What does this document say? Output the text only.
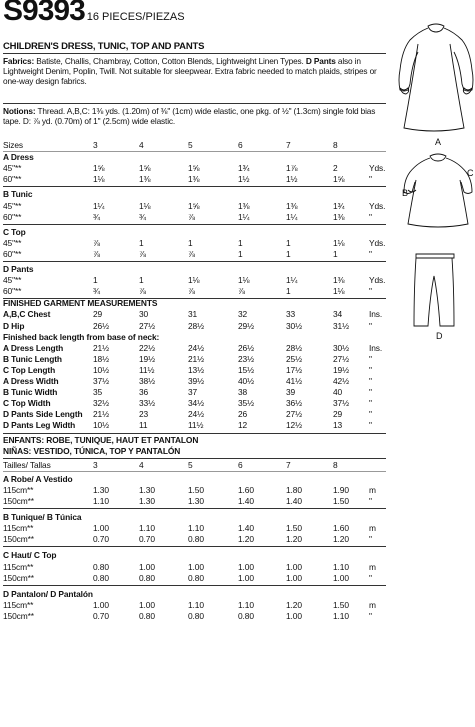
S9393 16 PIECES/PIEZAS
CHILDREN'S DRESS, TUNIC, TOP AND PANTS
Fabrics: Batiste, Challis, Chambray, Cotton, Cotton Blends, Lightweight Linen Types. D Pants also in Lightweight Denim, Poplin, Twill. Not suitable for sleepwear. Extra fabric needed to match plaids, stripes or one-way design fabrics.
Notions: Thread. A,B,C: 1⅜ yds. (1.20m) of ⅜" (1cm) wide elastic, one pkg. of ½" (1.3cm) single fold bias tape. D: ⅞ yd. (0.70m) of 1" (2.5cm) wide elastic.
Sizes	3	4	5	6	7	8
A Dress
45"**	1⅝	1⅝	1⅝	1¾	1⅞	2	Yds.
60"**	1⅛	1⅜	1⅜	1½	1½	1⅝	"
B Tunic
45"**	1¼	1⅛	1⅝	1⅜	1⅜	1¾	Yds.
60"**	¾	¾	⅞	1¼	1¼	1⅜	"
C Top
45"**	⅞	1	1	1	1	1⅛	Yds.
60"**	⅞	⅞	⅞	1	1	1	"
D Pants
45"**	1	1	1⅛	1⅛	1¼	1⅜	Yds.
60"**	¾	⅞	⅞	⅞	1	1⅛	"
FINISHED GARMENT MEASUREMENTS
A,B,C Chest	29	30	31	32	33	34	Ins.
D Hip	26½	27½	28½	29½	30½	31½ "
Finished back length from base of neck:
A Dress Length	21½	22½	24½	26½	28½	30½ Ins.
B Tunic Length	18½	19½	21½	23½	25½	27½ "
C Top Length	10½	11½	13½	15½	17½	19½ "
A Dress Width	37½	38½	39½	40½	41½	42½ "
B Tunic Width	35	36	37	38	39	40	"
C Top Width	32½	33½	34½	35½	36½	37½ "
D Pants Side Length 21½	23	24½	26	27½	29	"
D Pants Leg Width 10½	11	11½	12	12½	13	"
ENFANTS: ROBE, TUNIQUE, HAUT ET PANTALON
NIÑAS: VESTIDO, TÚNICA, TOP Y PANTALÓN
Tailles/ Tallas	3	4	5	6	7	8
A Robe/ A Vestido
115cm**	1.30	1.30	1.50	1.60	1.80	1.90 m
150cm**	1.10	1.30	1.30	1.40	1.40	1.50 "
B Tunique/ B Túnica
115cm**	1.00	1.10	1.10	1.40	1.50	1.60 m
150cm**	0.70	0.70	0.80	1.20	1.20	1.20 "
C Haut/ C Top
115cm**	0.80	1.00	1.00	1.00	1.00	1.10 m
150cm**	0.80	0.80	0.80	1.00	1.00	1.00 "
D Pantalon/ D Pantalón
115cm**	1.00	1.00	1.10	1.10	1.20	1.50 m
150cm**	0.70	0.80	0.80	0.80	1.00	1.10 "
A
B
C
D
